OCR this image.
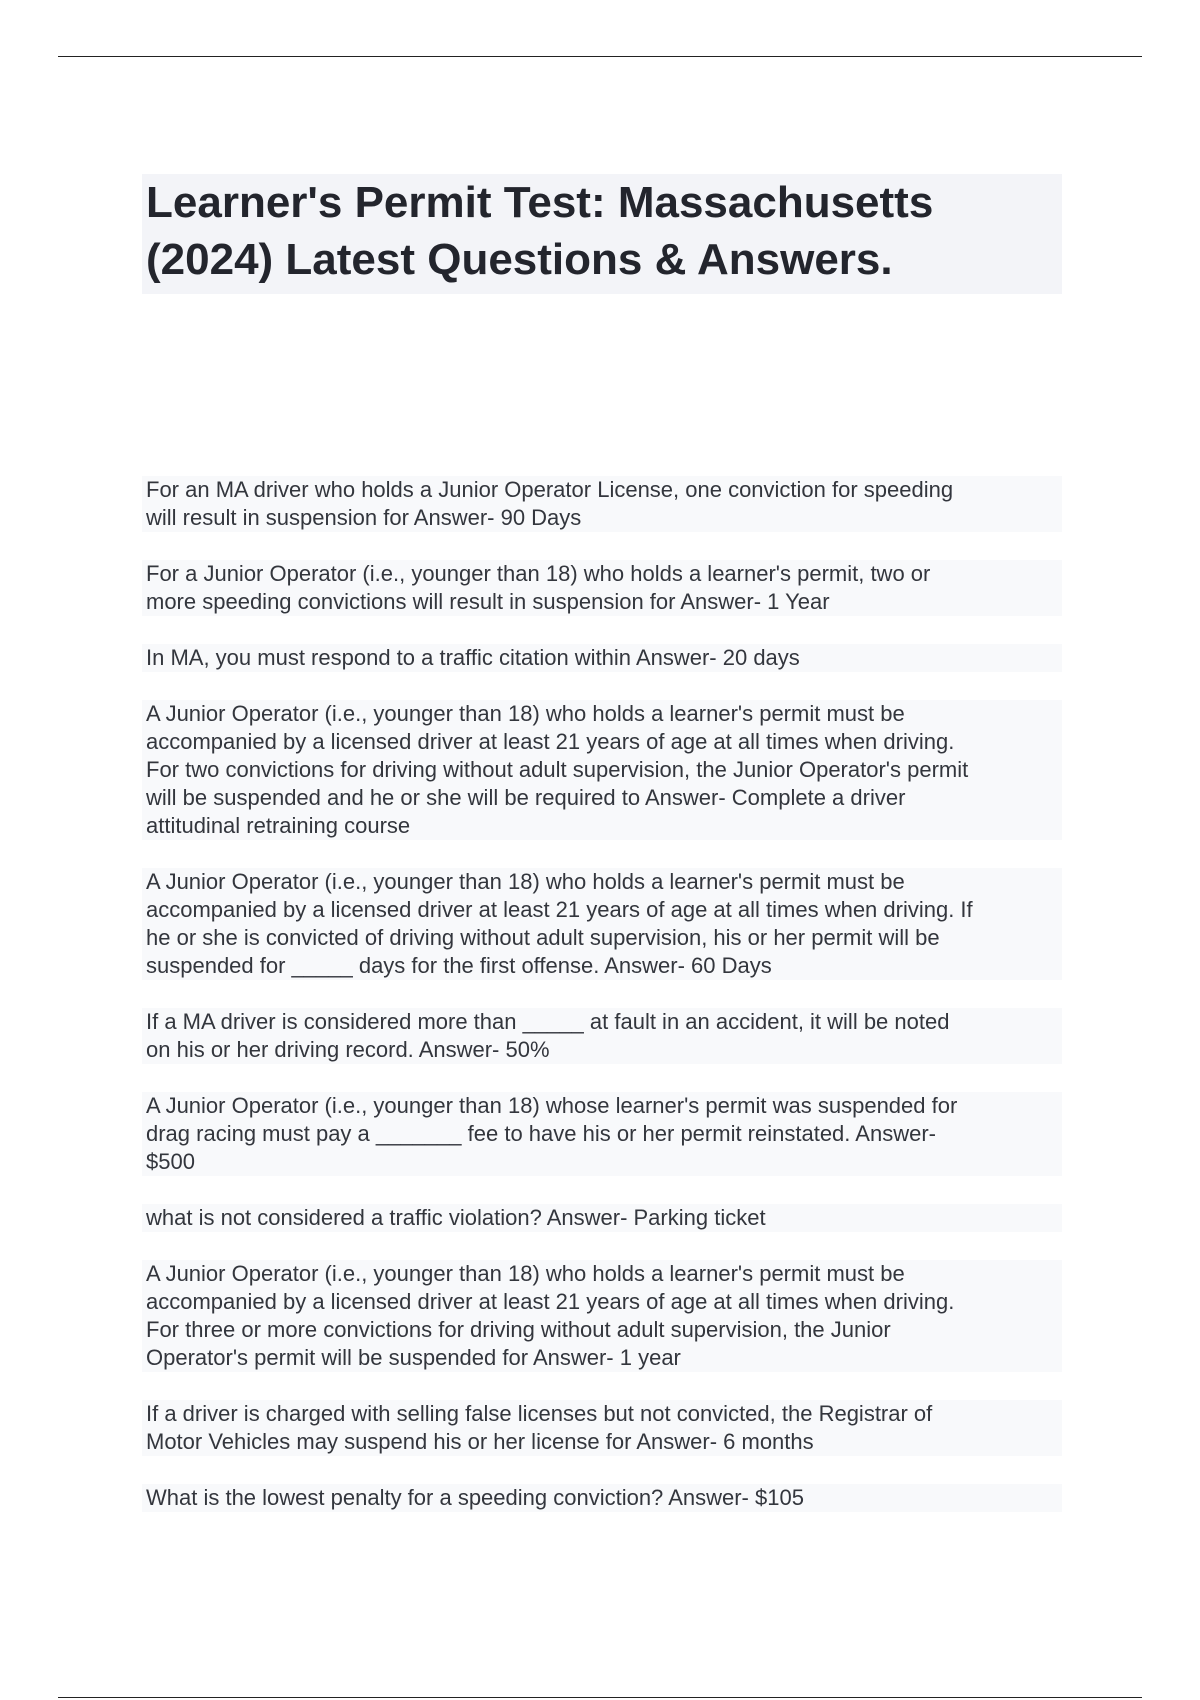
Learner's Permit Test: Massachusetts
(2024) Latest Questions & Answers.
For an MA driver who holds a Junior Operator License, one conviction for speeding
will result in suspension for Answer- 90 Days
For a Junior Operator (i.e., younger than 18) who holds a learner's permit, two or
more speeding convictions will result in suspension for Answer- 1 Year
In MA, you must respond to a traffic citation within Answer- 20 days
A Junior Operator (i.e., younger than 18) who holds a learner's permit must be
accompanied by a licensed driver at least 21 years of age at all times when driving.
For two convictions for driving without adult supervision, the Junior Operator's permit
will be suspended and he or she will be required to Answer- Complete a driver
attitudinal retraining course
A Junior Operator (i.e., younger than 18) who holds a learner's permit must be
accompanied by a licensed driver at least 21 years of age at all times when driving. If
he or she is convicted of driving without adult supervision, his or her permit will be
suspended for _____ days for the first offense. Answer- 60 Days
If a MA driver is considered more than _____ at fault in an accident, it will be noted
on his or her driving record. Answer- 50%
A Junior Operator (i.e., younger than 18) whose learner's permit was suspended for
drag racing must pay a _______ fee to have his or her permit reinstated. Answer-
$500
what is not considered a traffic violation? Answer- Parking ticket
A Junior Operator (i.e., younger than 18) who holds a learner's permit must be
accompanied by a licensed driver at least 21 years of age at all times when driving.
For three or more convictions for driving without adult supervision, the Junior
Operator's permit will be suspended for Answer- 1 year
If a driver is charged with selling false licenses but not convicted, the Registrar of
Motor Vehicles may suspend his or her license for Answer- 6 months
What is the lowest penalty for a speeding conviction? Answer- $105
